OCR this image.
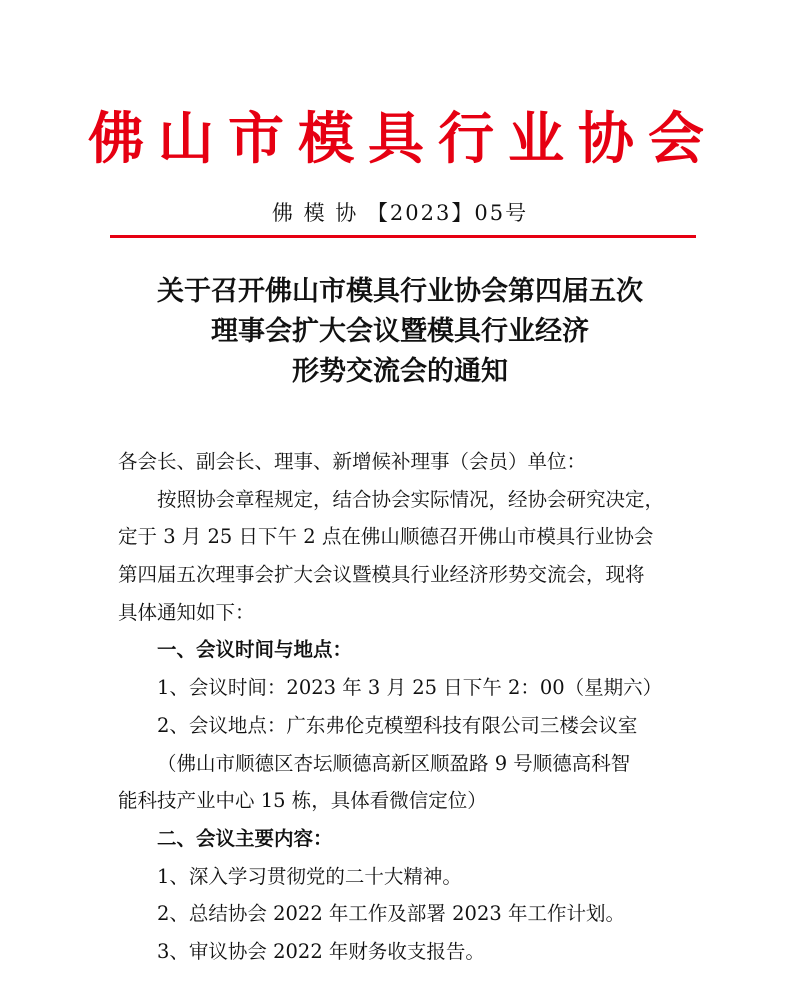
佛山市模具行业协会
佛 模 协 【2023】05号
关于召开佛山市模具行业协会第四届五次
理事会扩大会议暨模具行业经济
形势交流会的通知
各会长、副会长、理事、新增候补理事（会员）单位：
按照协会章程规定，结合协会实际情况，经协会研究决定，
定于 3 月 25 日下午 2 点在佛山顺德召开佛山市模具行业协会
第四届五次理事会扩大会议暨模具行业经济形势交流会，现将
具体通知如下：
一、会议时间与地点：
1、会议时间：2023 年 3 月 25 日下午 2：00（星期六）
2、会议地点：广东弗伦克模塑科技有限公司三楼会议室
（佛山市顺德区杏坛顺德高新区顺盈路 9 号顺德高科智
能科技产业中心 15 栋，具体看微信定位）
二、会议主要内容：
1、深入学习贯彻党的二十大精神。
2、总结协会 2022 年工作及部署 2023 年工作计划。
3、审议协会 2022 年财务收支报告。
